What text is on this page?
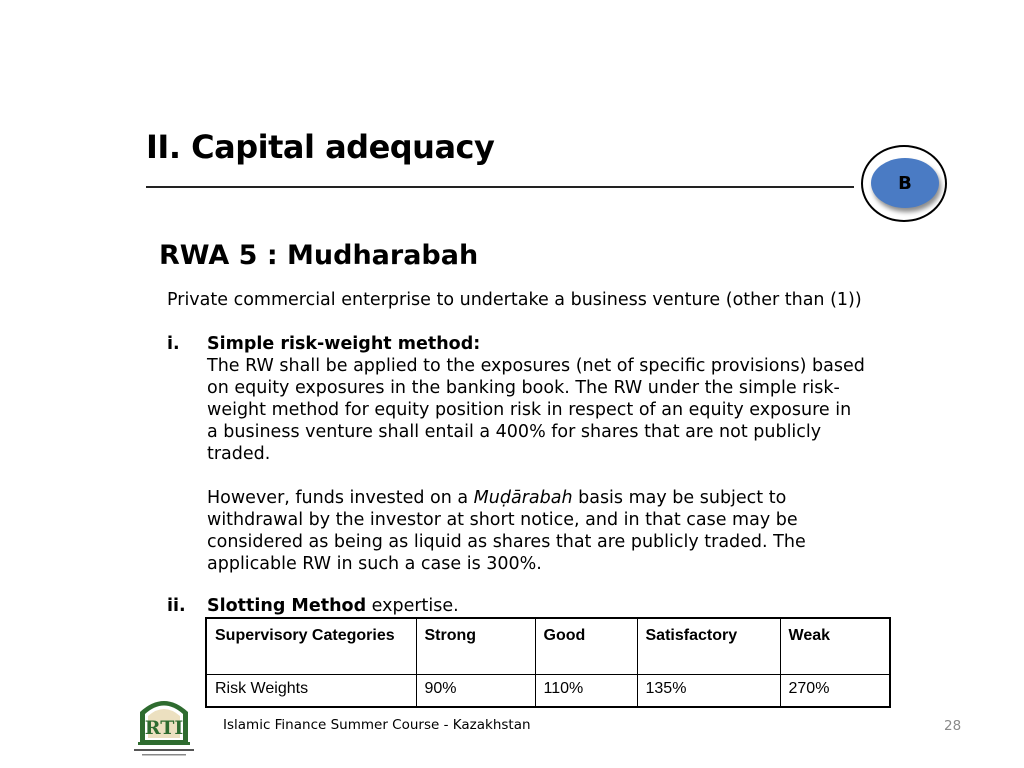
II. Capital adequacy
B
RWA 5 : Mudharabah
Private commercial enterprise to undertake a business venture (other than (1))
i. Simple risk-weight method:
The RW shall be applied to the exposures (net of specific provisions) based
on equity exposures in the banking book. The RW under the simple risk-
weight method for equity position risk in respect of an equity exposure in
a business venture shall entail a 400% for shares that are not publicly
traded.
However, funds invested on a Muḍārabah basis may be subject to
withdrawal by the investor at short notice, and in that case may be
considered as being as liquid as shares that are publicly traded. The
applicable RW in such a case is 300%.
ii. Slotting Method expertise.
Supervisory Categories	Strong	Good	Satisfactory	Weak
Risk Weights	90%	110%	135%	270%
RTI	Islamic Finance Summer Course - Kazakhstan	28
